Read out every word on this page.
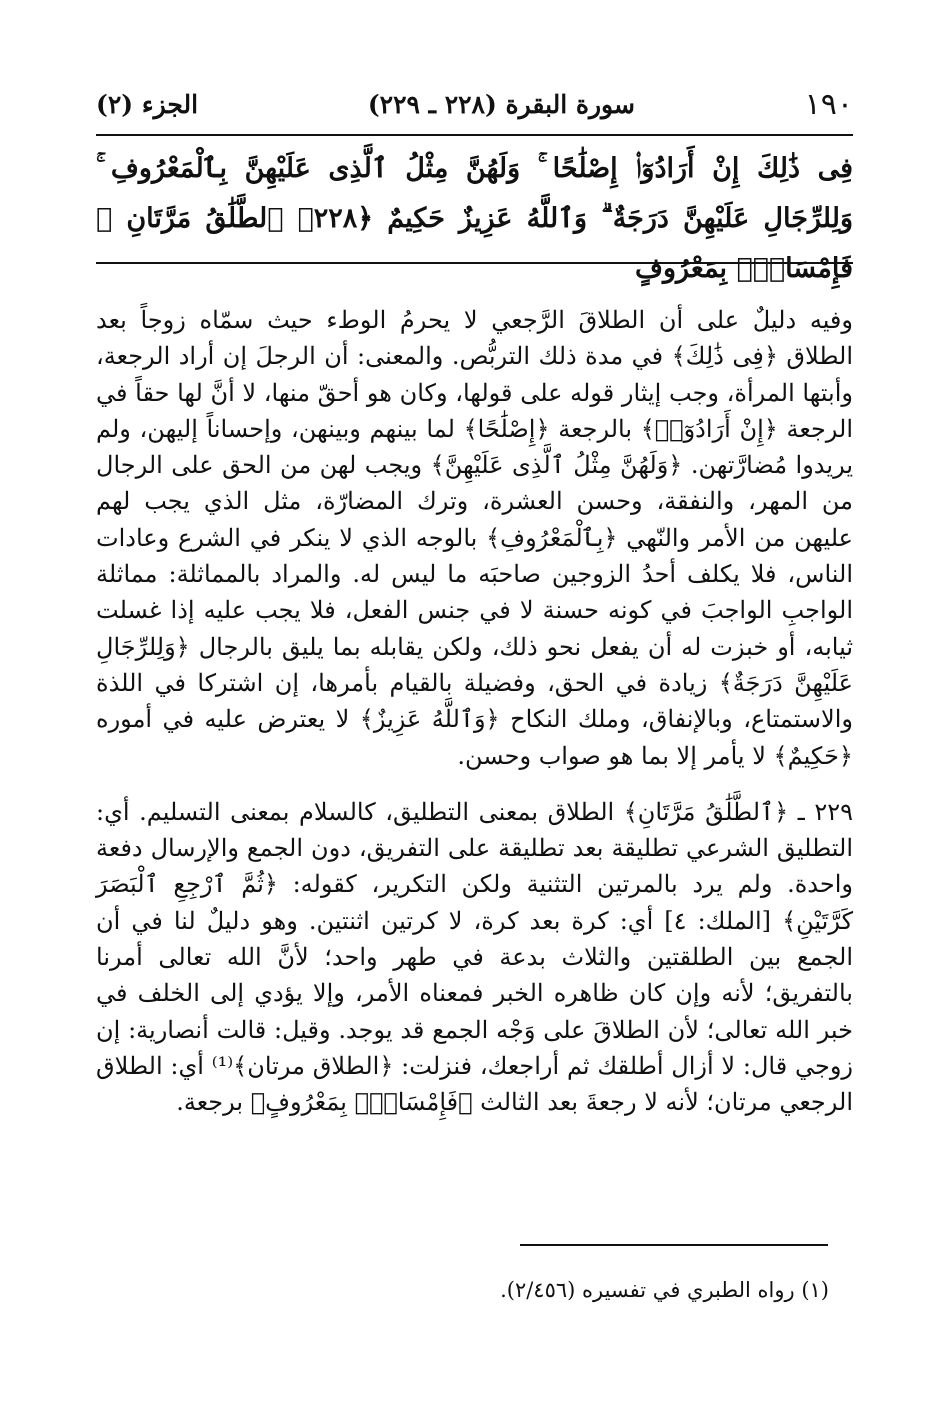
١٩٠
سورة البقرة (٢٢٨ ـ ٢٢٩)
الجزء (٢)
فِى ذَٰلِكَ إِنْ أَرَادُوٓا۟ إِصْلَٰحًا ۚ وَلَهُنَّ مِثْلُ ٱلَّذِى عَلَيْهِنَّ بِٱلْمَعْرُوفِ ۚ وَلِلرِّجَالِ عَلَيْهِنَّ دَرَجَةٌ ۗ وَٱللَّهُ عَزِيزٌ حَكِيمٌ ﴿٢٢٨﴾ ٱلطَّلَٰقُ مَرَّتَانِ ۖ فَإِمْسَاكٌۢ بِمَعْرُوفٍ

وفيه دليلٌ على أن الطلاقَ الرَّجعي لا يحرمُ الوطء حيث سمّاه زوجاً بعد الطلاق ﴿فِى ذَٰلِكَ﴾ في مدة ذلك التربُّص. والمعنى: أن الرجلَ إن أراد الرجعة، وأبتها المرأة، وجب إيثار قوله على قولها، وكان هو أحقّ منها، لا أنَّ لها حقاً في الرجعة ﴿إِنْ أَرَادُوٓا۟﴾ بالرجعة ﴿إِصْلَٰحًا﴾ لما بينهم وبينهن، وإحساناً إليهن، ولم يريدوا مُضارَّتهن. ﴿وَلَهُنَّ مِثْلُ ٱلَّذِى عَلَيْهِنَّ﴾ ويجب لهن من الحق على الرجال من المهر، والنفقة، وحسن العشرة، وترك المضارّة، مثل الذي يجب لهم عليهن من الأمر والنّهي ﴿بِٱلْمَعْرُوفِ﴾ بالوجه الذي لا ينكر في الشرع وعادات الناس، فلا يكلف أحدُ الزوجين صاحبَه ما ليس له. والمراد بالمماثلة: مماثلة الواجبِ الواجبَ في كونه حسنة لا في جنس الفعل، فلا يجب عليه إذا غسلت ثيابه، أو خبزت له أن يفعل نحو ذلك، ولكن يقابله بما يليق بالرجال ﴿وَلِلرِّجَالِ عَلَيْهِنَّ دَرَجَةٌ﴾ زيادة في الحق، وفضيلة بالقيام بأمرها، إن اشتركا في اللذة والاستمتاع، وبالإنفاق، وملك النكاح ﴿وَٱللَّهُ عَزِيزٌ﴾ لا يعترض عليه في أموره ﴿حَكِيمٌ﴾ لا يأمر إلا بما هو صواب وحسن.

٢٢٩ ـ ﴿ٱلطَّلَٰقُ مَرَّتَانِ﴾ الطلاق بمعنى التطليق، كالسلام بمعنى التسليم. أي: التطليق الشرعي تطليقة بعد تطليقة على التفريق، دون الجمع والإرسال دفعة واحدة. ولم يرد بالمرتين التثنية ولكن التكرير، كقوله: ﴿ثُمَّ ٱرْجِعِ ٱلْبَصَرَ كَرَّتَيْنِ﴾ [الملك: ٤] أي: كرة بعد كرة، لا كرتين اثنتين. وهو دليلٌ لنا في أن الجمع بين الطلقتين والثلاث بدعة في طهر واحد؛ لأنَّ الله تعالى أمرنا بالتفريق؛ لأنه وإن كان ظاهره الخبر فمعناه الأمر، وإلا يؤدي إلى الخلف في خبر الله تعالى؛ لأن الطلاقَ على وَجْه الجمع قد يوجد. وقيل: قالت أنصارية: إن زوجي قال: لا أزال أطلقك ثم أراجعك، فنزلت: ﴿الطلاق مرتان﴾⁽¹⁾ أي: الطلاق الرجعي مرتان؛ لأنه لا رجعةَ بعد الثالث ﴿فَإِمْسَاكٌۢ بِمَعْرُوفٍ﴾ برجعة.

(١) رواه الطبري في تفسيره (٢/٤٥٦).
